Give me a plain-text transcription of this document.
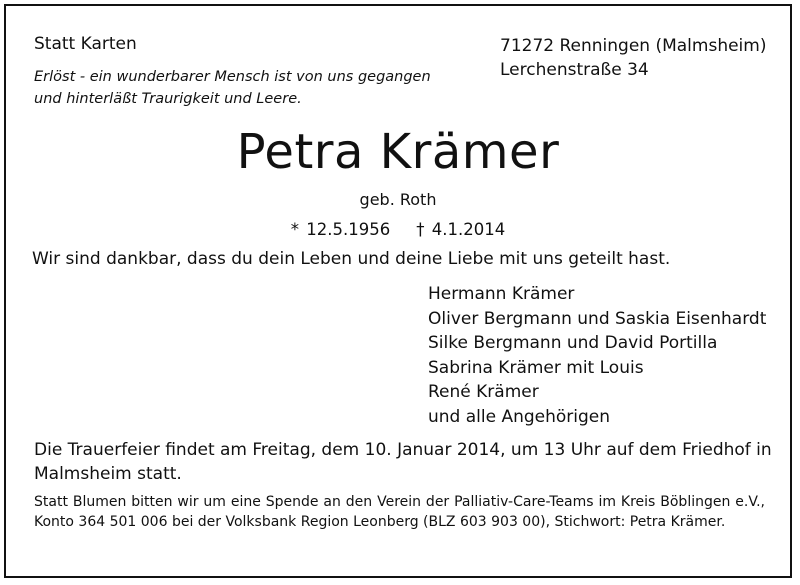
Statt Karten
Erlöst - ein wunderbarer Mensch ist von uns gegangen
und hinterläßt Traurigkeit und Leere.
71272 Renningen (Malmsheim)
Lerchenstraße 34
Petra Krämer
geb. Roth
* 12.5.1956 † 4.1.2014
Wir sind dankbar, dass du dein Leben und deine Liebe mit uns geteilt hast.
Hermann Krämer
Oliver Bergmann und Saskia Eisenhardt
Silke Bergmann und David Portilla
Sabrina Krämer mit Louis
René Krämer
und alle Angehörigen
Die Trauerfeier findet am Freitag, dem 10. Januar 2014, um 13 Uhr auf dem Friedhof in Malmsheim statt.
Statt Blumen bitten wir um eine Spende an den Verein der Palliativ-Care-Teams im Kreis Böblingen e.V., Konto 364 501 006 bei der Volksbank Region Leonberg (BLZ 603 903 00), Stichwort: Petra Krämer.
